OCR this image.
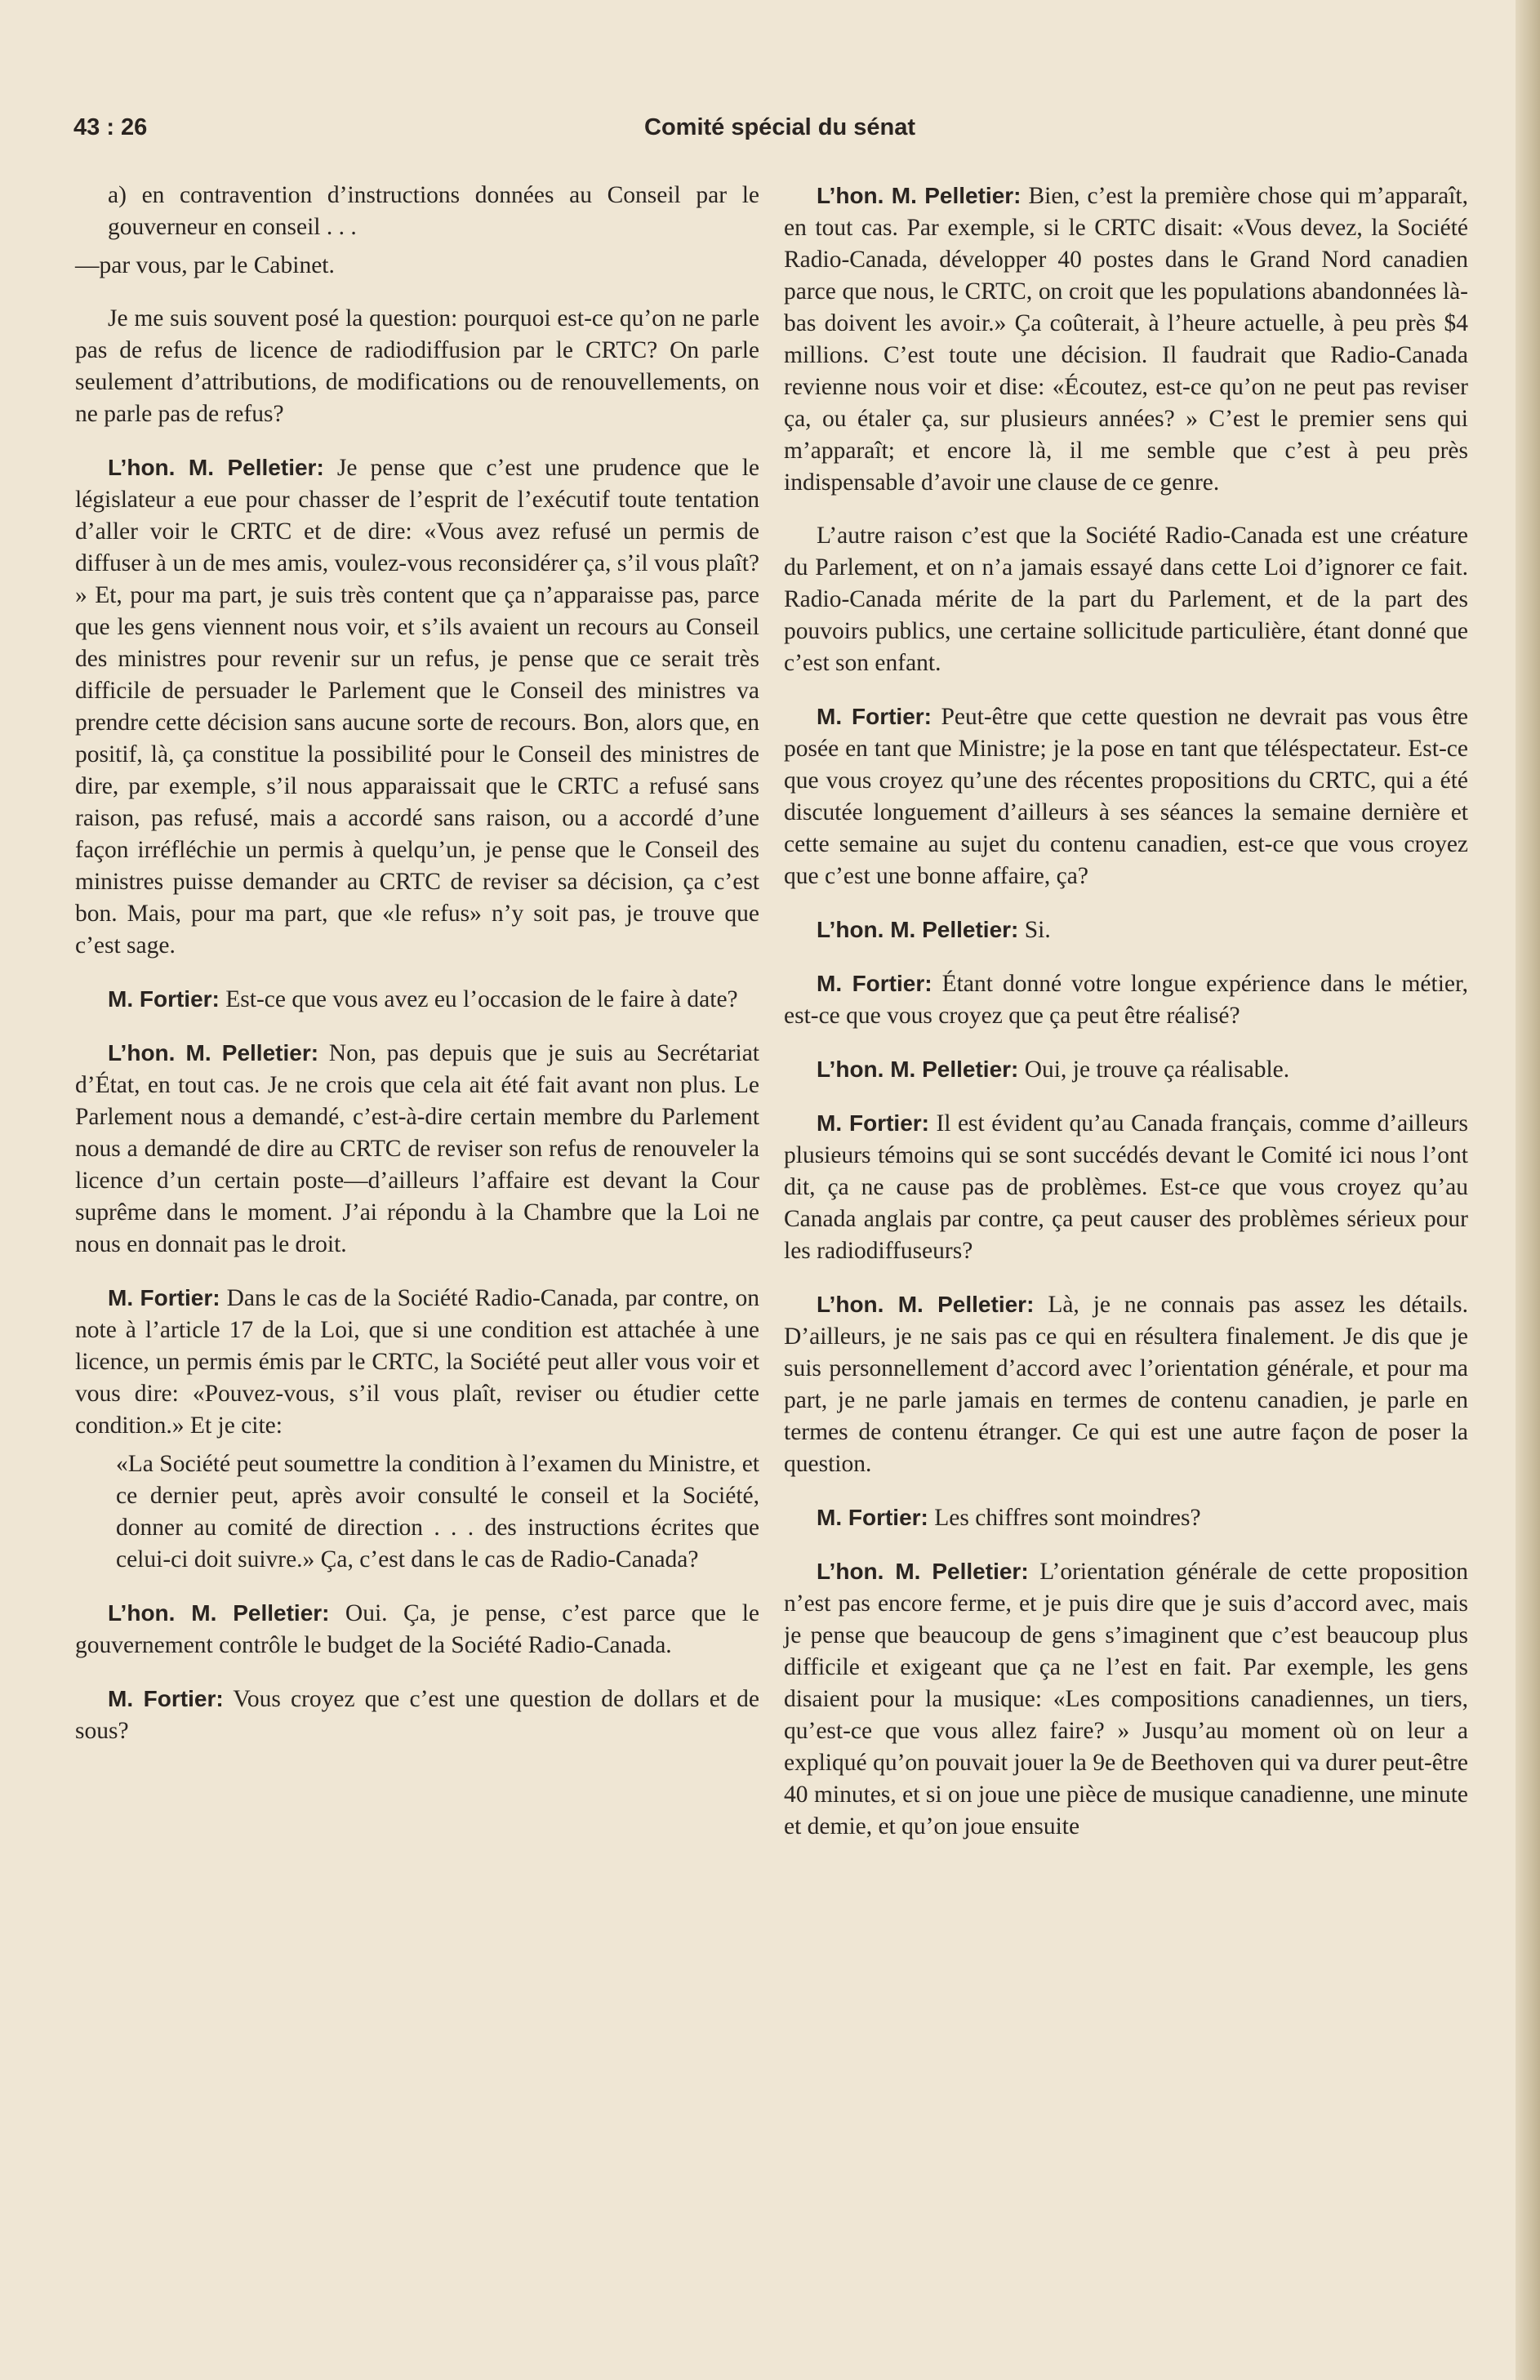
43 : 26	Comité spécial du sénat

a) en contravention d’instructions données au Conseil par le gouverneur en conseil . . .

—par vous, par le Cabinet.

Je me suis souvent posé la question: pourquoi est-ce qu’on ne parle pas de refus de licence de radiodiffusion par le CRTC? On parle seulement d’attributions, de modifications ou de renouvellements, on ne parle pas de refus?

L’hon. M. Pelletier: Je pense que c’est une prudence que le législateur a eue pour chasser de l’esprit de l’exécutif toute tentation d’aller voir le CRTC et de dire: «Vous avez refusé un permis de diffuser à un de mes amis, voulez-vous reconsidérer ça, s’il vous plaît? » Et, pour ma part, je suis très content que ça n’apparaisse pas, parce que les gens viennent nous voir, et s’ils avaient un recours au Conseil des ministres pour revenir sur un refus, je pense que ce serait très difficile de persuader le Parlement que le Conseil des ministres va prendre cette décision sans aucune sorte de recours. Bon, alors que, en positif, là, ça constitue la possibilité pour le Conseil des ministres de dire, par exemple, s’il nous apparaissait que le CRTC a refusé sans raison, pas refusé, mais a accordé sans raison, ou a accordé d’une façon irréfléchie un permis à quelqu’un, je pense que le Conseil des ministres puisse demander au CRTC de reviser sa décision, ça c’est bon. Mais, pour ma part, que «le refus» n’y soit pas, je trouve que c’est sage.

M. Fortier: Est-ce que vous avez eu l’occasion de le faire à date?

L’hon. M. Pelletier: Non, pas depuis que je suis au Secrétariat d’État, en tout cas. Je ne crois que cela ait été fait avant non plus. Le Parlement nous a demandé, c’est-à-dire certain membre du Parlement nous a demandé de dire au CRTC de reviser son refus de renouveler la licence d’un certain poste—d’ailleurs l’affaire est devant la Cour suprême dans le moment. J’ai répondu à la Chambre que la Loi ne nous en donnait pas le droit.

M. Fortier: Dans le cas de la Société Radio-Canada, par contre, on note à l’article 17 de la Loi, que si une condition est attachée à une licence, un permis émis par le CRTC, la Société peut aller vous voir et vous dire: «Pouvez-vous, s’il vous plaît, reviser ou étudier cette condition.» Et je cite:

«La Société peut soumettre la condition à l’examen du Ministre, et ce dernier peut, après avoir consulté le conseil et la Société, donner au comité de direction . . . des instructions écrites que celui-ci doit suivre.» Ça, c’est dans le cas de Radio-Canada?

L’hon. M. Pelletier: Oui. Ça, je pense, c’est parce que le gouvernement contrôle le budget de la Société Radio-Canada.

M. Fortier: Vous croyez que c’est une question de dollars et de sous?

L’hon. M. Pelletier: Bien, c’est la première chose qui m’apparaît, en tout cas. Par exemple, si le CRTC disait: «Vous devez, la Société Radio-Canada, développer 40 postes dans le Grand Nord canadien parce que nous, le CRTC, on croit que les populations abandonnées là-bas doivent les avoir.» Ça coûterait, à l’heure actuelle, à peu près $4 millions. C’est toute une décision. Il faudrait que Radio-Canada revienne nous voir et dise: «Écoutez, est-ce qu’on ne peut pas reviser ça, ou étaler ça, sur plusieurs années? » C’est le premier sens qui m’apparaît; et encore là, il me semble que c’est à peu près indispensable d’avoir une clause de ce genre.

L’autre raison c’est que la Société Radio-Canada est une créature du Parlement, et on n’a jamais essayé dans cette Loi d’ignorer ce fait. Radio-Canada mérite de la part du Parlement, et de la part des pouvoirs publics, une certaine sollicitude particulière, étant donné que c’est son enfant.

M. Fortier: Peut-être que cette question ne devrait pas vous être posée en tant que Ministre; je la pose en tant que téléspectateur. Est-ce que vous croyez qu’une des récentes propositions du CRTC, qui a été discutée longuement d’ailleurs à ses séances la semaine dernière et cette semaine au sujet du contenu canadien, est-ce que vous croyez que c’est une bonne affaire, ça?

L’hon. M. Pelletier: Si.

M. Fortier: Étant donné votre longue expérience dans le métier, est-ce que vous croyez que ça peut être réalisé?

L’hon. M. Pelletier: Oui, je trouve ça réalisable.

M. Fortier: Il est évident qu’au Canada français, comme d’ailleurs plusieurs témoins qui se sont succédés devant le Comité ici nous l’ont dit, ça ne cause pas de problèmes. Est-ce que vous croyez qu’au Canada anglais par contre, ça peut causer des problèmes sérieux pour les radiodiffuseurs?

L’hon. M. Pelletier: Là, je ne connais pas assez les détails. D’ailleurs, je ne sais pas ce qui en résultera finalement. Je dis que je suis personnellement d’accord avec l’orientation générale, et pour ma part, je ne parle jamais en termes de contenu canadien, je parle en termes de contenu étranger. Ce qui est une autre façon de poser la question.

M. Fortier: Les chiffres sont moindres?

L’hon. M. Pelletier: L’orientation générale de cette proposition n’est pas encore ferme, et je puis dire que je suis d’accord avec, mais je pense que beaucoup de gens s’imaginent que c’est beaucoup plus difficile et exigeant que ça ne l’est en fait. Par exemple, les gens disaient pour la musique: «Les compositions canadiennes, un tiers, qu’est-ce que vous allez faire? » Jusqu’au moment où on leur a expliqué qu’on pouvait jouer la 9e de Beethoven qui va durer peut-être 40 minutes, et si on joue une pièce de musique canadienne, une minute et demie, et qu’on joue ensuite
